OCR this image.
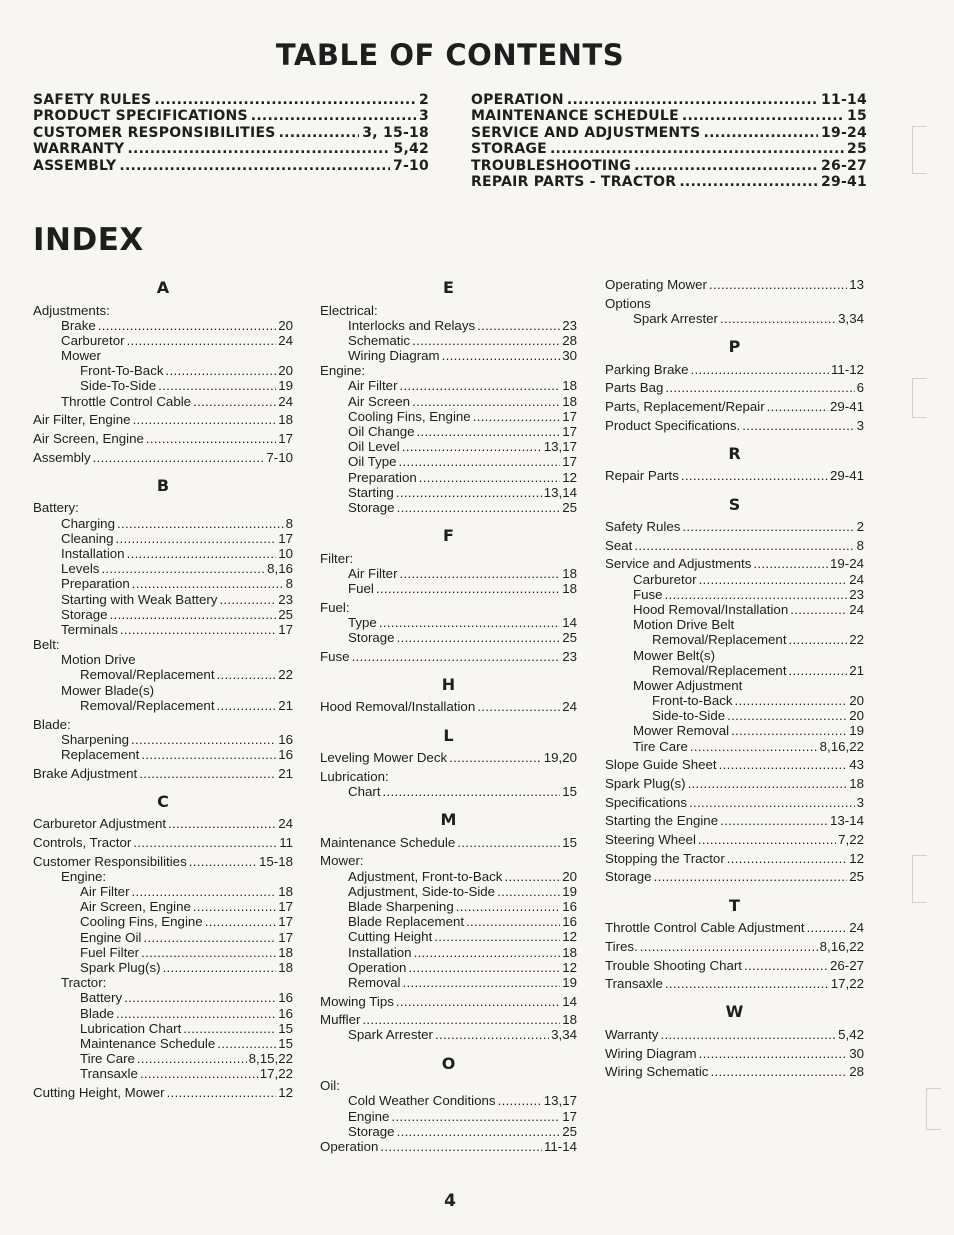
TABLE OF CONTENTS
SAFETY RULES .....	2
PRODUCT SPECIFICATIONS .....	3
CUSTOMER RESPONSIBILITIES .....	3, 15-18
WARRANTY .....	5,42
ASSEMBLY .....	7-10
OPERATION .....	11-14
MAINTENANCE SCHEDULE .....	15
SERVICE AND ADJUSTMENTS .....	19-24
STORAGE .....	25
TROUBLESHOOTING .....	26-27
REPAIR PARTS - TRACTOR .....	29-41
INDEX
A
Adjustments:
Brake .....	20
Carburetor .....	24
Mower
Front-To-Back .....	20
Side-To-Side .....	19
Throttle Control Cable .....	24
Air Filter, Engine .....	18
Air Screen, Engine .....	17
Assembly .....	7-10
B
Battery:
Charging .....	8
Cleaning .....	17
Installation .....	10
Levels .....	8,16
Preparation .....	8
Starting with Weak Battery .....	23
Storage .....	25
Terminals .....	17
Belt:
Motion Drive
Removal/Replacement .....	22
Mower Blade(s)
Removal/Replacement .....	21
Blade:
Sharpening .....	16
Replacement .....	16
Brake Adjustment .....	21
C
Carburetor Adjustment .....	24
Controls, Tractor .....	11
Customer Responsibilities .....	15-18
Engine:
Air Filter .....	18
Air Screen, Engine .....	17
Cooling Fins, Engine .....	17
Engine Oil .....	17
Fuel Filter .....	18
Spark Plug(s) .....	18
Tractor:
Battery .....	16
Blade .....	16
Lubrication Chart .....	15
Maintenance Schedule .....	15
Tire Care .....	8,15,22
Transaxle .....	17,22
Cutting Height, Mower .....	12
E
Electrical:
Interlocks and Relays .....	23
Schematic .....	28
Wiring Diagram .....	30
Engine:
Air Filter .....	18
Air Screen .....	18
Cooling Fins, Engine .....	17
Oil Change .....	17
Oil Level .....	13,17
Oil Type .....	17
Preparation .....	12
Starting .....	13,14
Storage .....	25
F
Filter:
Air Filter .....	18
Fuel .....	18
Fuel:
Type .....	14
Storage .....	25
Fuse .....	23
H
Hood Removal/Installation .....	24
L
Leveling Mower Deck .....	19,20
Lubrication:
Chart .....	15
M
Maintenance Schedule .....	15
Mower:
Adjustment, Front-to-Back .....	20
Adjustment, Side-to-Side .....	19
Blade Sharpening .....	16
Blade Replacement .....	16
Cutting Height .....	12
Installation .....	18
Operation .....	12
Removal .....	19
Mowing Tips .....	14
Muffler .....	18
Spark Arrester .....	3,34
O
Oil:
Cold Weather Conditions .....	13,17
Engine .....	17
Storage .....	25
Operation .....	11-14
Operating Mower .....	13
Options
Spark Arrester .....	3,34
P
Parking Brake .....	11-12
Parts Bag .....	6
Parts, Replacement/Repair .....	29-41
Product Specifications. .....	3
R
Repair Parts .....	29-41
S
Safety Rules .....	2
Seat .....	8
Service and Adjustments .....	19-24
Carburetor .....	24
Fuse .....	23
Hood Removal/Installation .....	24
Motion Drive Belt
Removal/Replacement .....	22
Mower Belt(s)
Removal/Replacement .....	21
Mower Adjustment
Front-to-Back .....	20
Side-to-Side .....	20
Mower Removal .....	19
Tire Care .....	8,16,22
Slope Guide Sheet .....	43
Spark Plug(s) .....	18
Specifications .....	3
Starting the Engine .....	13-14
Steering Wheel .....	7,22
Stopping the Tractor .....	12
Storage .....	25
T
Throttle Control Cable Adjustment .....	24
Tires. .....	8,16,22
Trouble Shooting Chart .....	26-27
Transaxle .....	17,22
W
Warranty .....	5,42
Wiring Diagram .....	30
Wiring Schematic .....	28
4
